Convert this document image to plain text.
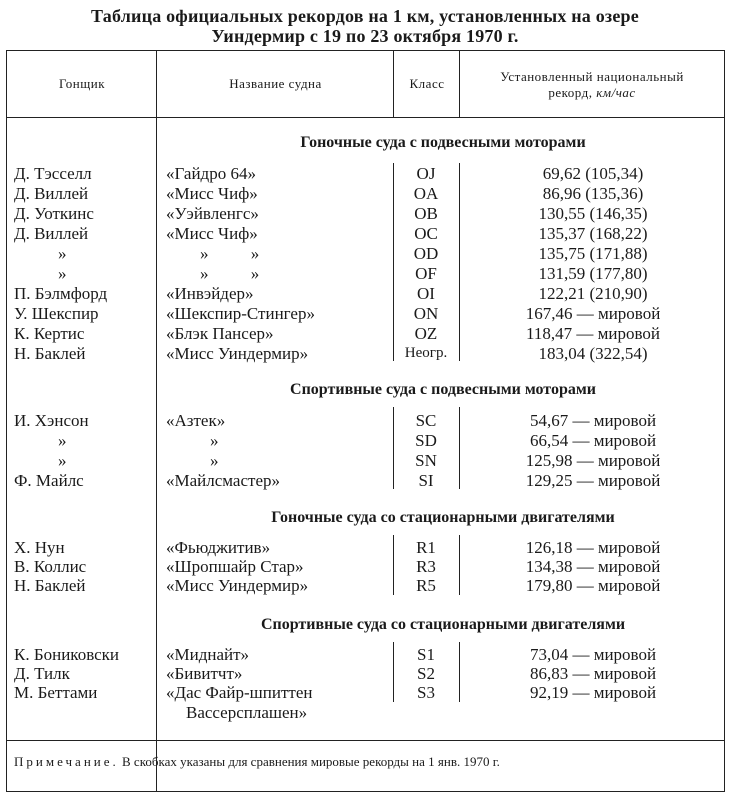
Таблица официальных рекордов на 1 км, установленных на озере
Уиндермир с 19 по 23 октября 1970 г.
Гонщик	Название судна	Класс	Установленный национальный
рекорд, км/час
Гоночные суда с подвесными моторами
Д. Тэсселл	«Гайдро 64»	OJ	69,62 (105,34)
Д. Виллей	«Мисс Чиф»	OA	86,96 (135,36)
Д. Уоткинс	«Уэйвленгс»	OB	130,55 (146,35)
Д. Виллей	«Мисс Чиф»	OC	135,37 (168,22)
»	» »	OD	135,75 (171,88)
»	» »	OF	131,59 (177,80)
П. Бэлмфорд	«Инвэйдер»	OI	122,21 (210,90)
У. Шекспир	«Шекспир-Стингер»	ON	167,46 — мировой
К. Кертис	«Блэк Пансер»	OZ	118,47 — мировой
Н. Баклей	«Мисс Уиндермир»	Неогр.	183,04 (322,54)
Спортивные суда с подвесными моторами
И. Хэнсон	«Азтек»	SC	54,67 — мировой
»	»	SD	66,54 — мировой
»	»	SN	125,98 — мировой
Ф. Майлс	«Майлсмастер»	SI	129,25 — мировой
Гоночные суда со стационарными двигателями
Х. Нун	«Фьюджитив»	R1	126,18 — мировой
В. Коллис	«Шропшайр Стар»	R3	134,38 — мировой
Н. Баклей	«Мисс Уиндермир»	R5	179,80 — мировой
Спортивные суда со стационарными двигателями
К. Бониковски	«Миднайт»	S1	73,04 — мировой
Д. Тилк	«Бивитчт»	S2	86,83 — мировой
М. Беттами	«Дас Файр-шпиттен	S3	92,19 — мировой
Вассерсплашен»
Примечание. В скобках указаны для сравнения мировые рекорды на 1 янв. 1970 г.
